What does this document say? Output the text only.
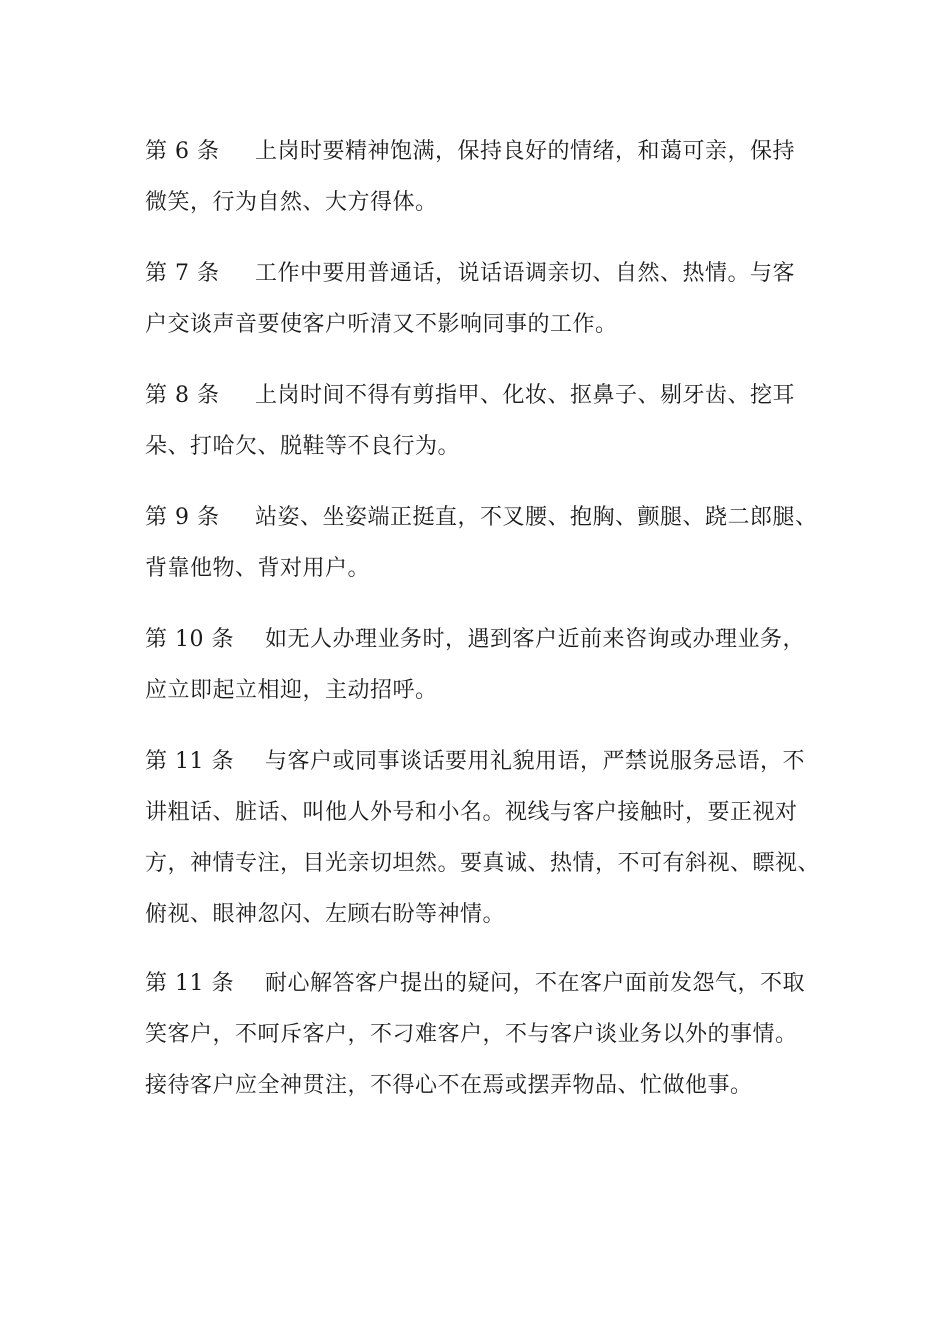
第 6 条 上岗时要精神饱满，保持良好的情绪，和蔼可亲，保持
微笑，行为自然、大方得体。

第 7 条 工作中要用普通话，说话语调亲切、自然、热情。与客
户交谈声音要使客户听清又不影响同事的工作。

第 8 条 上岗时间不得有剪指甲、化妆、抠鼻子、剔牙齿、挖耳
朵、打哈欠、脱鞋等不良行为。

第 9 条 站姿、坐姿端正挺直，不叉腰、抱胸、颤腿、跷二郎腿、
背靠他物、背对用户。

第 10 条 如无人办理业务时，遇到客户近前来咨询或办理业务，
应立即起立相迎，主动招呼。

第 11 条 与客户或同事谈话要用礼貌用语，严禁说服务忌语，不
讲粗话、脏话、叫他人外号和小名。视线与客户接触时，要正视对
方，神情专注，目光亲切坦然。要真诚、热情，不可有斜视、瞟视、
俯视、眼神忽闪、左顾右盼等神情。

第 11 条 耐心解答客户提出的疑问，不在客户面前发怨气，不取
笑客户，不呵斥客户，不刁难客户，不与客户谈业务以外的事情。
接待客户应全神贯注，不得心不在焉或摆弄物品、忙做他事。
